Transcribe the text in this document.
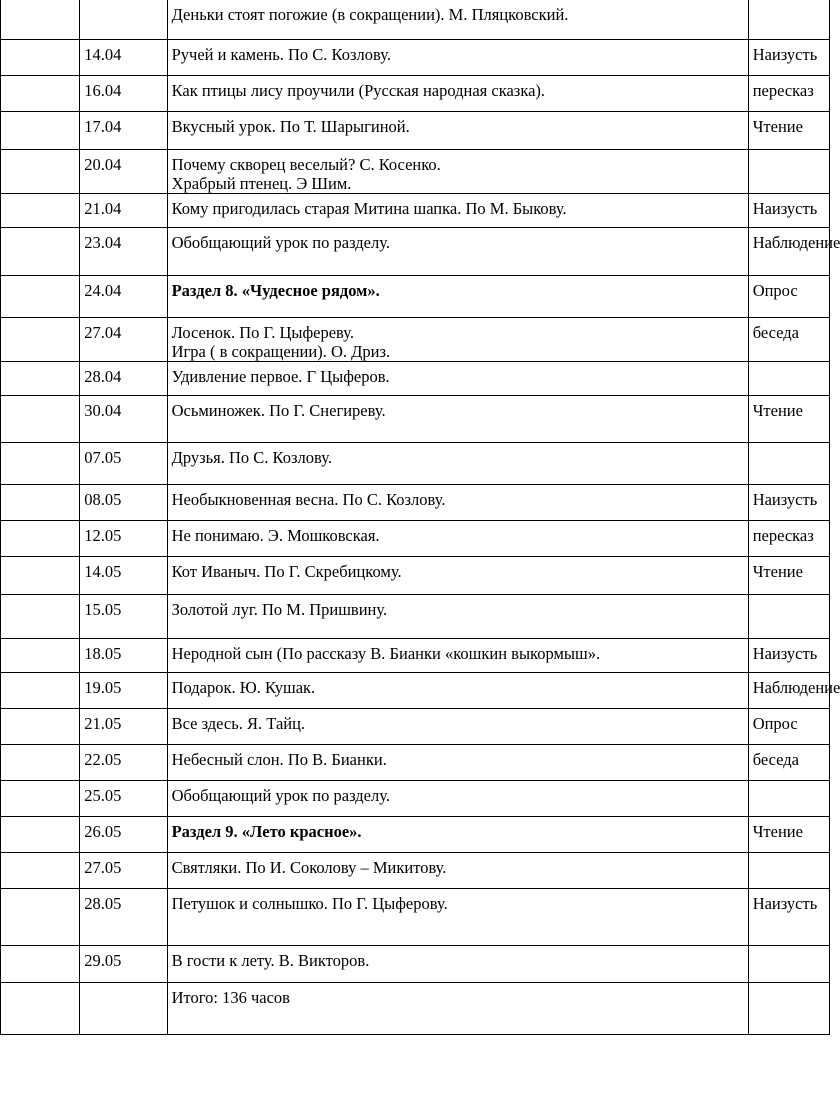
		Деньки стоят погожие (в сокращении). М. Пляцковский.	

	14.04	Ручей и камень. По С. Козлову.	Наизусть
	16.04	Как птицы лису проучили (Русская народная сказка).	пересказ
	17.04	Вкусный урок. По Т. Шарыгиной.	Чтение
	20.04	Почему скворец веселый? С. Косенко.
Храбрый птенец. Э Шим.	

	21.04	Кому пригодилась старая Митина шапка. По М. Быкову.	Наизусть
	23.04	Обобщающий урок по разделу.	Наблюдение
	24.04	Раздел 8. «Чудесное рядом».	Опрос
	27.04	Лосенок. По Г. Цыфереву.
Игра ( в сокращении). О. Дриз.	беседа
	28.04	Удивление первое. Г Цыферов.	

	30.04	Осьминожек. По Г. Снегиреву.	Чтение
	07.05	Друзья. По С. Козлову.	

	08.05	Необыкновенная весна. По С. Козлову.	Наизусть
	12.05	Не понимаю. Э. Мошковская.	пересказ
	14.05	Кот Иваныч. По Г. Скребицкому.	Чтение
	15.05	Золотой луг. По М. Пришвину.	

	18.05	Неродной сын (По рассказу В. Бианки «кошкин выкормыш».	Наизусть
	19.05	Подарок. Ю. Кушак.	Наблюдение
	21.05	Все здесь. Я. Тайц.	Опрос
	22.05	Небесный слон. По В. Бианки.	беседа
	25.05	Обобщающий урок по разделу.	

	26.05	Раздел 9. «Лето красное».	Чтение
	27.05	Святляки. По И. Соколову – Микитову.	

	28.05	Петушок и солнышко. По Г. Цыферову.	Наизусть
	29.05	В гости к лету. В. Викторов.	

		Итого: 136 часов	
